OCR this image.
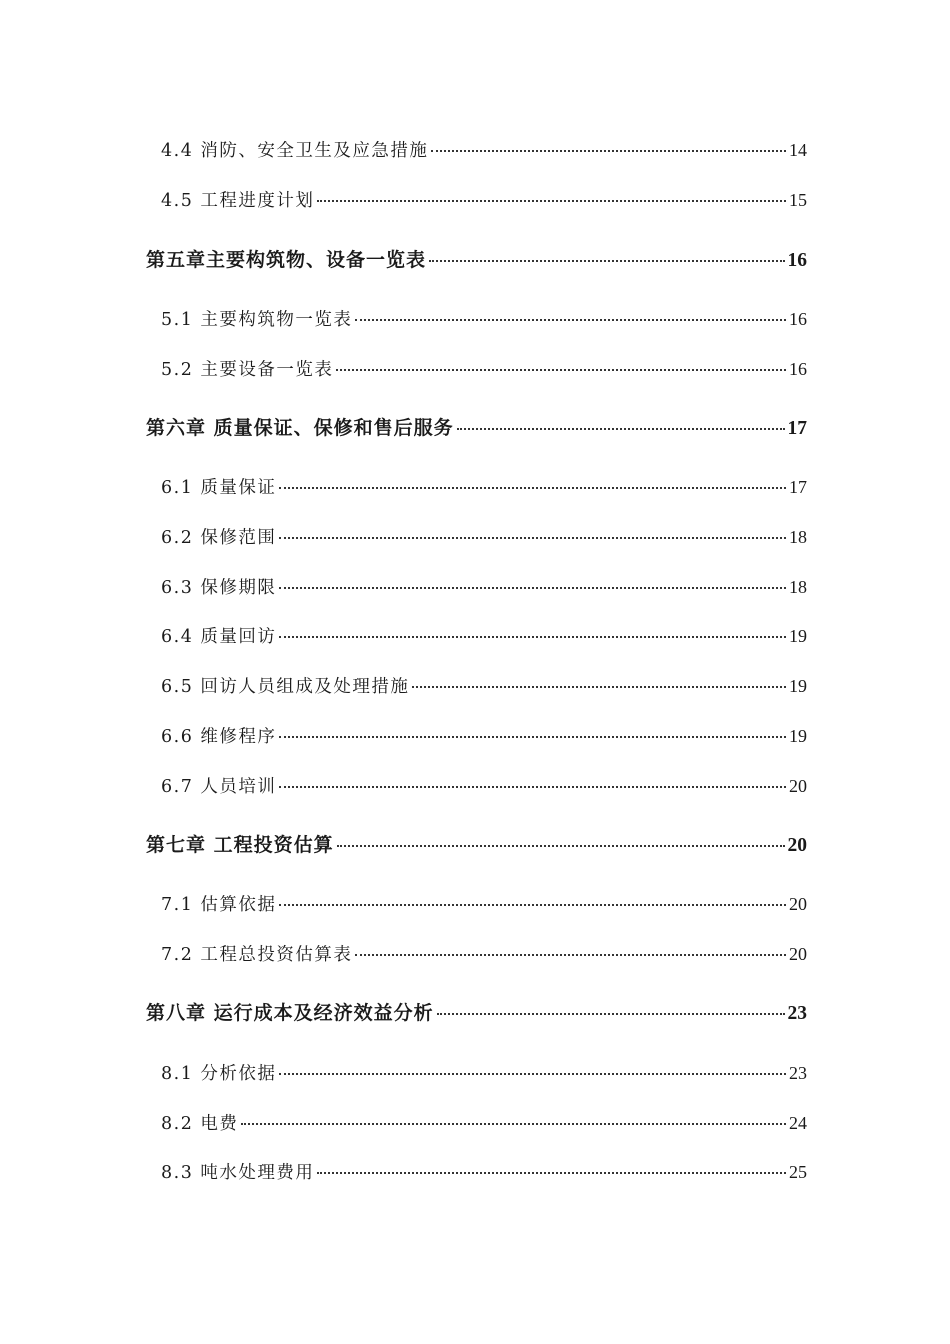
4.4 消防、安全卫生及应急措施	14
4.5 工程进度计划	15
第五章主要构筑物、设备一览表	16
5.1 主要构筑物一览表	16
5.2 主要设备一览表	16
第六章 质量保证、保修和售后服务	17
6.1 质量保证	17
6.2 保修范围	18
6.3 保修期限	18
6.4 质量回访	19
6.5 回访人员组成及处理措施	19
6.6 维修程序	19
6.7 人员培训	20
第七章 工程投资估算	20
7.1 估算依据	20
7.2 工程总投资估算表	20
第八章 运行成本及经济效益分析	23
8.1 分析依据	23
8.2 电费	24
8.3 吨水处理费用	25
